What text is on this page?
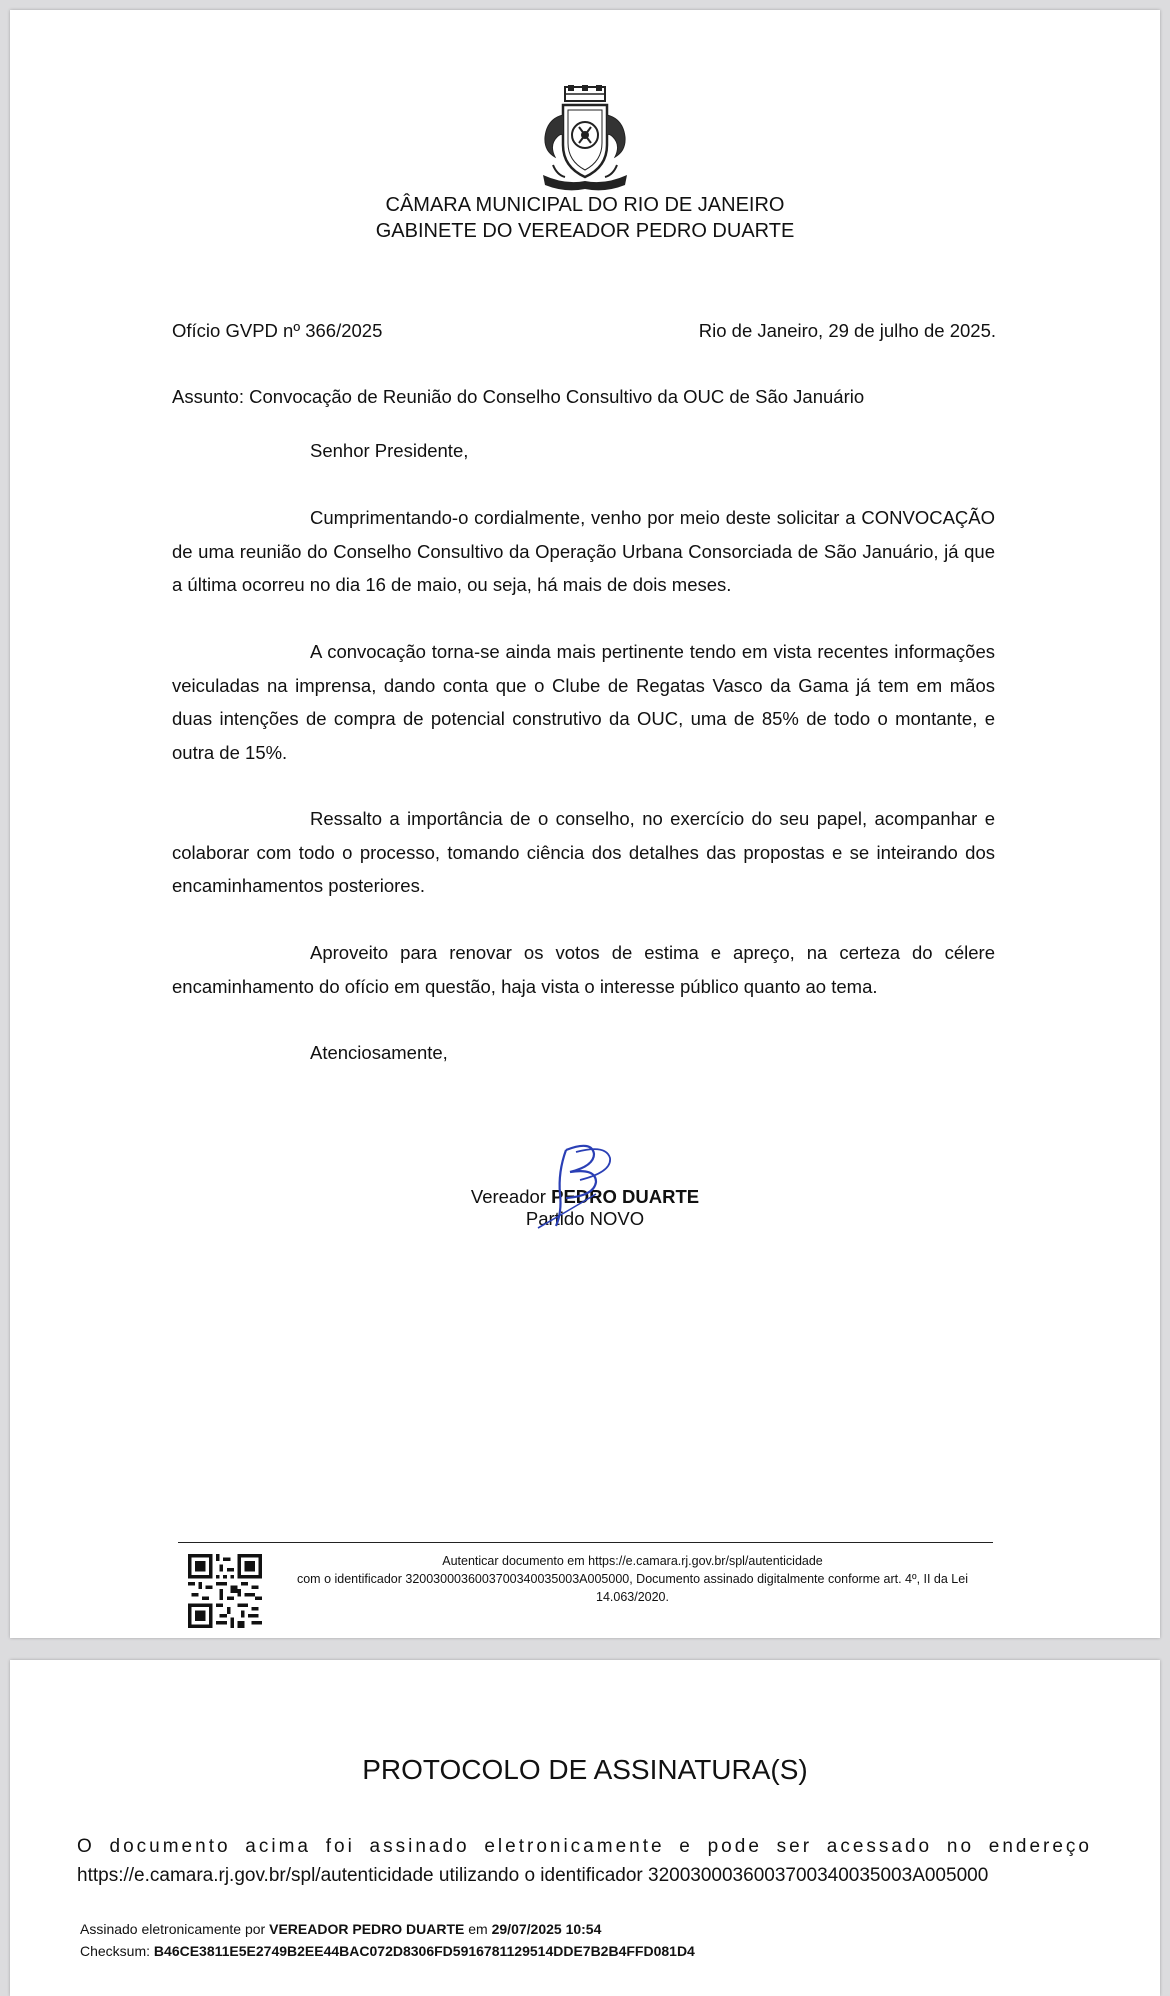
CÂMARA MUNICIPAL DO RIO DE JANEIRO
GABINETE DO VEREADOR PEDRO DUARTE
Ofício GVPD nº 366/2025	Rio de Janeiro, 29 de julho de 2025.
Assunto: Convocação de Reunião do Conselho Consultivo da OUC de São Januário
Senhor Presidente,

Cumprimentando-o cordialmente, venho por meio deste solicitar a CONVOCAÇÃO de uma reunião do Conselho Consultivo da Operação Urbana Consorciada de São Januário, já que a última ocorreu no dia 16 de maio, ou seja, há mais de dois meses.

A convocação torna-se ainda mais pertinente tendo em vista recentes informações veiculadas na imprensa, dando conta que o Clube de Regatas Vasco da Gama já tem em mãos duas intenções de compra de potencial construtivo da OUC, uma de 85% de todo o montante, e outra de 15%.

Ressalto a importância de o conselho, no exercício do seu papel, acompanhar e colaborar com todo o processo, tomando ciência dos detalhes das propostas e se inteirando dos encaminhamentos posteriores.

Aproveito para renovar os votos de estima e apreço, na certeza do célere encaminhamento do ofício em questão, haja vista o interesse público quanto ao tema.

Atenciosamente,
Vereador PEDRO DUARTE
Partido NOVO
Autenticar documento em https://e.camara.rj.gov.br/spl/autenticidade
com o identificador 3200300036003700340035003A005000, Documento assinado digitalmente conforme art. 4º, II da Lei 14.063/2020.
PROTOCOLO DE ASSINATURA(S)

O documento acima foi assinado eletronicamente e pode ser acessado no endereço
https://e.camara.rj.gov.br/spl/autenticidade utilizando o identificador 3200300036003700340035003A005000

Assinado eletronicamente por VEREADOR PEDRO DUARTE em 29/07/2025 10:54
Checksum: B46CE3811E5E2749B2EE44BAC072D8306FD5916781129514DDE7B2B4FFD081D4
